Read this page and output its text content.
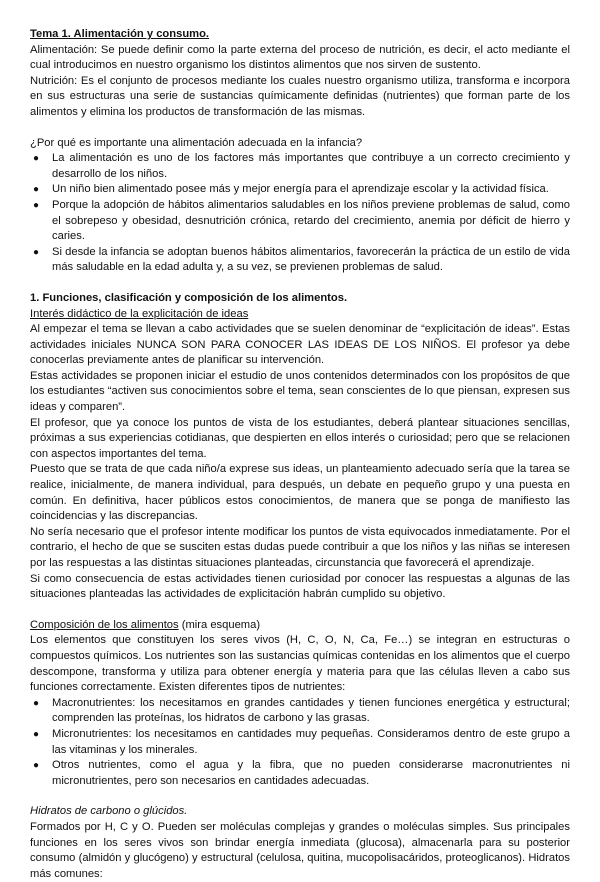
Tema 1. Alimentación y consumo.

Alimentación: Se puede definir como la parte externa del proceso de nutrición, es decir, el acto mediante el cual introducimos en nuestro organismo los distintos alimentos que nos sirven de sustento.

Nutrición: Es el conjunto de procesos mediante los cuales nuestro organismo utiliza, transforma e incorpora en sus estructuras una serie de sustancias químicamente definidas (nutrientes) que forman parte de los alimentos y elimina los productos de transformación de las mismas.

¿Por qué es importante una alimentación adecuada en la infancia?

● La alimentación es uno de los factores más importantes que contribuye a un correcto crecimiento y desarrollo de los niños.
● Un niño bien alimentado posee más y mejor energía para el aprendizaje escolar y la actividad física.
● Porque la adopción de hábitos alimentarios saludables en los niños previene problemas de salud, como el sobrepeso y obesidad, desnutrición crónica, retardo del crecimiento, anemia por déficit de hierro y caries.
● Si desde la infancia se adoptan buenos hábitos alimentarios, favorecerán la práctica de un estilo de vida más saludable en la edad adulta y, a su vez, se previenen problemas de salud.

1. Funciones, clasificación y composición de los alimentos.

Interés didáctico de la explicitación de ideas

Al empezar el tema se llevan a cabo actividades que se suelen denominar de “explicitación de ideas”. Estas actividades iniciales NUNCA SON PARA CONOCER LAS IDEAS DE LOS NIÑOS. El profesor ya debe conocerlas previamente antes de planificar su intervención.

Estas actividades se proponen iniciar el estudio de unos contenidos determinados con los propósitos de que los estudiantes “activen sus conocimientos sobre el tema, sean conscientes de lo que piensan, expresen sus ideas y comparen”.

El profesor, que ya conoce los puntos de vista de los estudiantes, deberá plantear situaciones sencillas, próximas a sus experiencias cotidianas, que despierten en ellos interés o curiosidad; pero que se relacionen con aspectos importantes del tema.

Puesto que se trata de que cada niño/a exprese sus ideas, un planteamiento adecuado sería que la tarea se realice, inicialmente, de manera individual, para después, un debate en pequeño grupo y una puesta en común. En definitiva, hacer públicos estos conocimientos, de manera que se ponga de manifiesto las coincidencias y las discrepancias.

No sería necesario que el profesor intente modificar los puntos de vista equivocados inmediatamente. Por el contrario, el hecho de que se susciten estas dudas puede contribuir a que los niños y las niñas se interesen por las respuestas a las distintas situaciones planteadas, circunstancia que favorecerá el aprendizaje.

Si como consecuencia de estas actividades tienen curiosidad por conocer las respuestas a algunas de las situaciones planteadas las actividades de explicitación habrán cumplido su objetivo.

Composición de los alimentos (mira esquema)

Los elementos que constituyen los seres vivos (H, C, O, N, Ca, Fe…) se integran en estructuras o compuestos químicos. Los nutrientes son las sustancias químicas contenidas en los alimentos que el cuerpo descompone, transforma y utiliza para obtener energía y materia para que las células lleven a cabo sus funciones correctamente. Existen diferentes tipos de nutrientes:

● Macronutrientes: los necesitamos en grandes cantidades y tienen funciones energética y estructural; comprenden las proteínas, los hidratos de carbono y las grasas.
● Micronutrientes: los necesitamos en cantidades muy pequeñas. Consideramos dentro de este grupo a las vitaminas y los minerales.
● Otros nutrientes, como el agua y la fibra, que no pueden considerarse macronutrientes ni micronutrientes, pero son necesarios en cantidades adecuadas.

Hidratos de carbono o glúcidos.

Formados por H, C y O. Pueden ser moléculas complejas y grandes o moléculas simples. Sus principales funciones en los seres vivos son brindar energía inmediata (glucosa), almacenarla para su posterior consumo (almidón y glucógeno) y estructural (celulosa, quitina, mucopolisacáridos, proteoglicanos). Hidratos más comunes:
